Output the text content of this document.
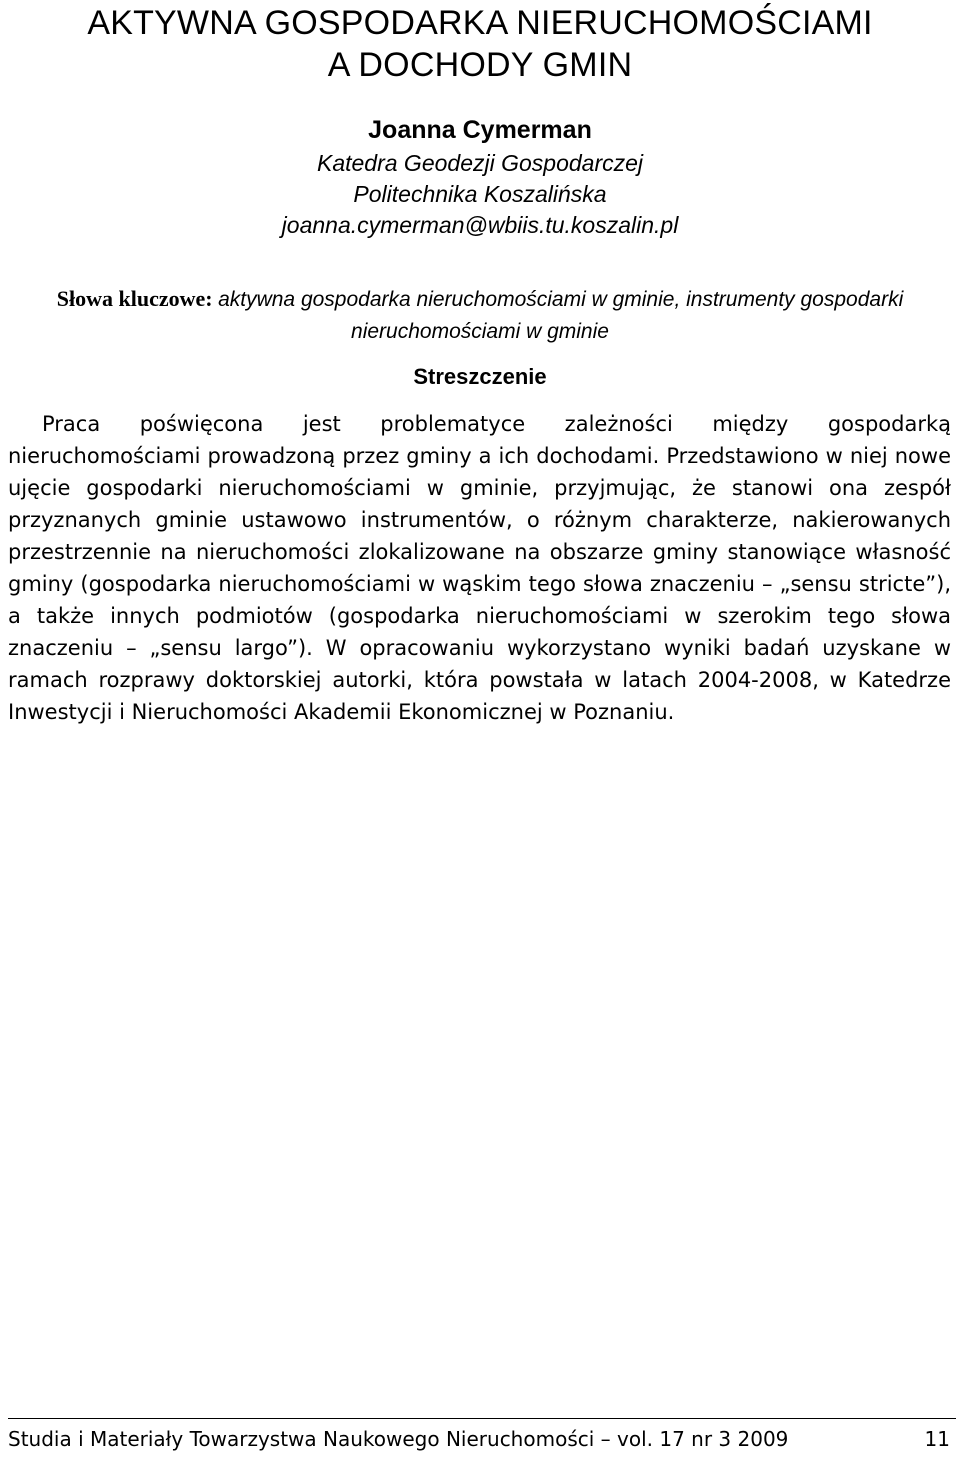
AKTYWNA GOSPODARKA NIERUCHOMOŚCIAMI
A DOCHODY GMIN
Joanna Cymerman
Katedra Geodezji Gospodarczej
Politechnika Koszalińska
joanna.cymerman@wbiis.tu.koszalin.pl
Słowa kluczowe: aktywna gospodarka nieruchomościami w gminie, instrumenty gospodarki nieruchomościami w gminie
Streszczenie
Praca poświęcona jest problematyce zależności między gospodarką nieruchomościami prowadzoną przez gminy a ich dochodami. Przedstawiono w niej nowe ujęcie gospodarki nieruchomościami w gminie, przyjmując, że stanowi ona zespół przyznanych gminie ustawowo instrumentów, o różnym charakterze, nakierowanych przestrzennie na nieruchomości zlokalizowane na obszarze gminy stanowiące własność gminy (gospodarka nieruchomościami w wąskim tego słowa znaczeniu – „sensu stricte”), a także innych podmiotów (gospodarka nieruchomościami w szerokim tego słowa znaczeniu – „sensu largo”). W opracowaniu wykorzystano wyniki badań uzyskane w ramach rozprawy doktorskiej autorki, która powstała w latach 2004-2008, w Katedrze Inwestycji i Nieruchomości Akademii Ekonomicznej w Poznaniu.
Studia i Materiały Towarzystwa Naukowego Nieruchomości – vol. 17 nr 3 2009	11
